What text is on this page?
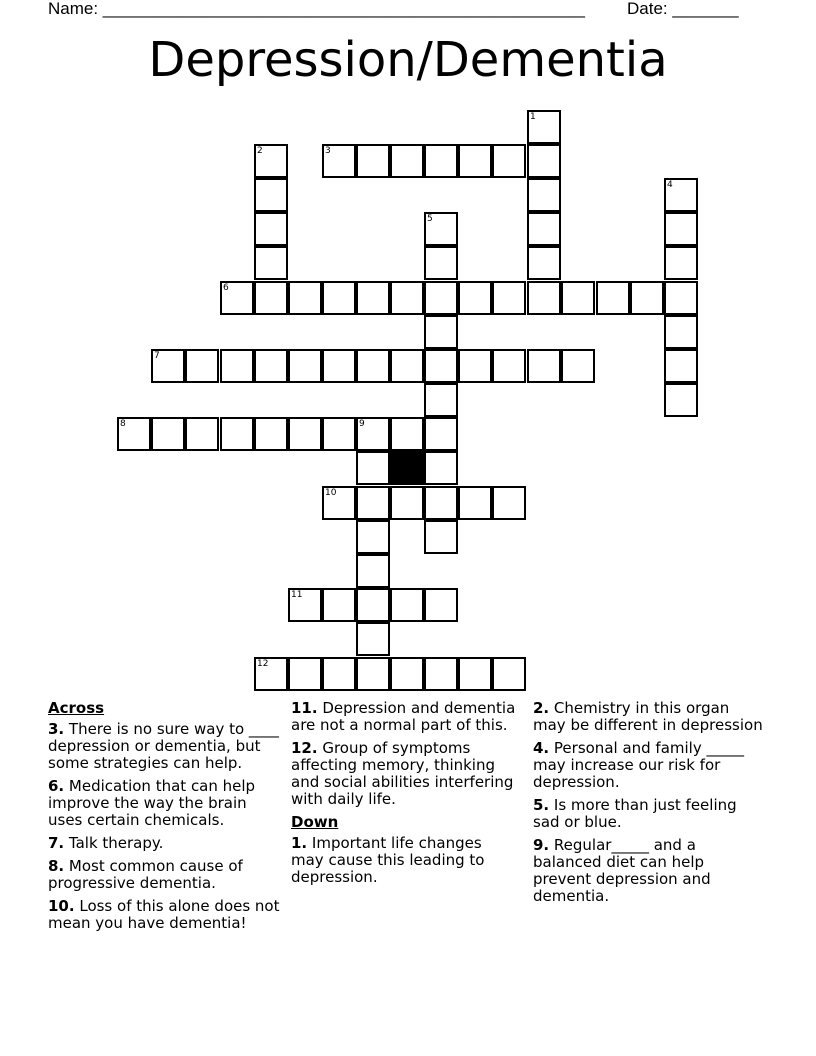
Name: ___________________________________________________ Date: _______
Depression/Dementia
1
2	3
4
5
6
7
8	9
10
11
12
Across
3. There is no sure way to ____ depression or dementia, but some strategies can help.
6. Medication that can help improve the way the brain uses certain chemicals.
7. Talk therapy.
8. Most common cause of progressive dementia.
10. Loss of this alone does not mean you have dementia!
11. Depression and dementia are not a normal part of this.
12. Group of symptoms affecting memory, thinking and social abilities interfering with daily life.
Down
1. Important life changes may cause this leading to depression.
2. Chemistry in this organ may be different in depression
4. Personal and family _____ may increase our risk for depression.
5. Is more than just feeling sad or blue.
9. Regular_____ and a balanced diet can help prevent depression and dementia.
